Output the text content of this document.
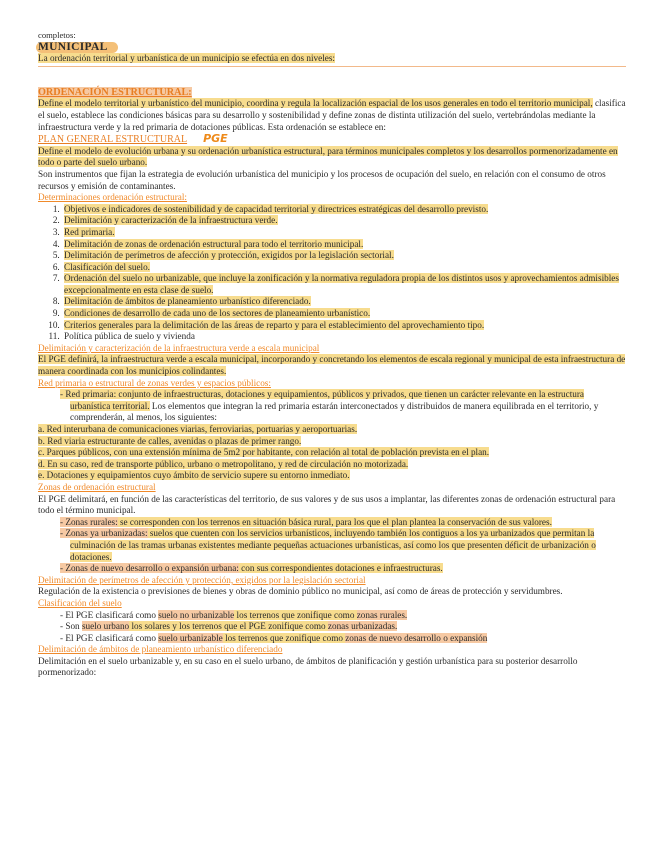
completos:

MUNICIPAL

La ordenación territorial y urbanística de un municipio se efectúa en dos niveles:

ORDENACIÓN ESTRUCTURAL:

Define el modelo territorial y urbanístico del municipio, coordina y regula la localización espacial de los usos generales en todo el territorio municipal, clasifica el suelo, establece las condiciones básicas para su desarrollo y sostenibilidad y define zonas de distinta utilización del suelo, vertebrándolas mediante la infraestructura verde y la red primaria de dotaciones públicas. Esta ordenación se establece en:

PLAN GENERAL ESTRUCTURAL PGE

Define el modelo de evolución urbana y su ordenación urbanística estructural, para términos municipales completos y los desarrollos pormenorizadamente en todo o parte del suelo urbano.

Son instrumentos que fijan la estrategia de evolución urbanística del municipio y los procesos de ocupación del suelo, en relación con el consumo de otros recursos y emisión de contaminantes.

Determinaciones ordenación estructural:

1. Objetivos e indicadores de sostenibilidad y de capacidad territorial y directrices estratégicas del desarrollo previsto.
2. Delimitación y caracterización de la infraestructura verde.
3. Red primaria.
4. Delimitación de zonas de ordenación estructural para todo el territorio municipal.
5. Delimitación de perímetros de afección y protección, exigidos por la legislación sectorial.
6. Clasificación del suelo.
7. Ordenación del suelo no urbanizable, que incluye la zonificación y la normativa reguladora propia de los distintos usos y aprovechamientos admisibles excepcionalmente en esta clase de suelo.
8. Delimitación de ámbitos de planeamiento urbanístico diferenciado.
9. Condiciones de desarrollo de cada uno de los sectores de planeamiento urbanístico.
10. Criterios generales para la delimitación de las áreas de reparto y para el establecimiento del aprovechamiento tipo.
11. Política pública de suelo y vivienda

Delimitación y caracterización de la infraestructura verde a escala municipal

El PGE definirá, la infraestructura verde a escala municipal, incorporando y concretando los elementos de escala regional y municipal de esta infraestructura de manera coordinada con los municipios colindantes.

Red primaria o estructural de zonas verdes y espacios públicos:

- Red primaria: conjunto de infraestructuras, dotaciones y equipamientos, públicos y privados, que tienen un carácter relevante en la estructura urbanística territorial. Los elementos que integran la red primaria estarán interconectados y distribuidos de manera equilibrada en el territorio, y comprenderán, al menos, los siguientes:

a. Red interurbana de comunicaciones viarias, ferroviarias, portuarias y aeroportuarias.

b. Red viaria estructurante de calles, avenidas o plazas de primer rango.

c. Parques públicos, con una extensión mínima de 5m2 por habitante, con relación al total de población prevista en el plan.

d. En su caso, red de transporte público, urbano o metropolitano, y red de circulación no motorizada.

e. Dotaciones y equipamientos cuyo ámbito de servicio supere su entorno inmediato.

Zonas de ordenación estructural

El PGE delimitará, en función de las características del territorio, de sus valores y de sus usos a implantar, las diferentes zonas de ordenación estructural para todo el término municipal.

- Zonas rurales: se corresponden con los terrenos en situación básica rural, para los que el plan plantea la conservación de sus valores.

- Zonas ya urbanizadas: suelos que cuenten con los servicios urbanísticos, incluyendo también los contiguos a los ya urbanizados que permitan la culminación de las tramas urbanas existentes mediante pequeñas actuaciones urbanísticas, así como los que presenten déficit de urbanización o dotaciones.

- Zonas de nuevo desarrollo o expansión urbana: con sus correspondientes dotaciones e infraestructuras.

Delimitación de perímetros de afección y protección, exigidos por la legislación sectorial

Regulación de la existencia o previsiones de bienes y obras de dominio público no municipal, así como de áreas de protección y servidumbres.

Clasificación del suelo

- El PGE clasificará como suelo no urbanizable los terrenos que zonifique como zonas rurales.

- Son suelo urbano los solares y los terrenos que el PGE zonifique como zonas urbanizadas.

- El PGE clasificará como suelo urbanizable los terrenos que zonifique como zonas de nuevo desarrollo o expansión

Delimitación de ámbitos de planeamiento urbanístico diferenciado

Delimitación en el suelo urbanizable y, en su caso en el suelo urbano, de ámbitos de planificación y gestión urbanística para su posterior desarrollo pormenorizado:
